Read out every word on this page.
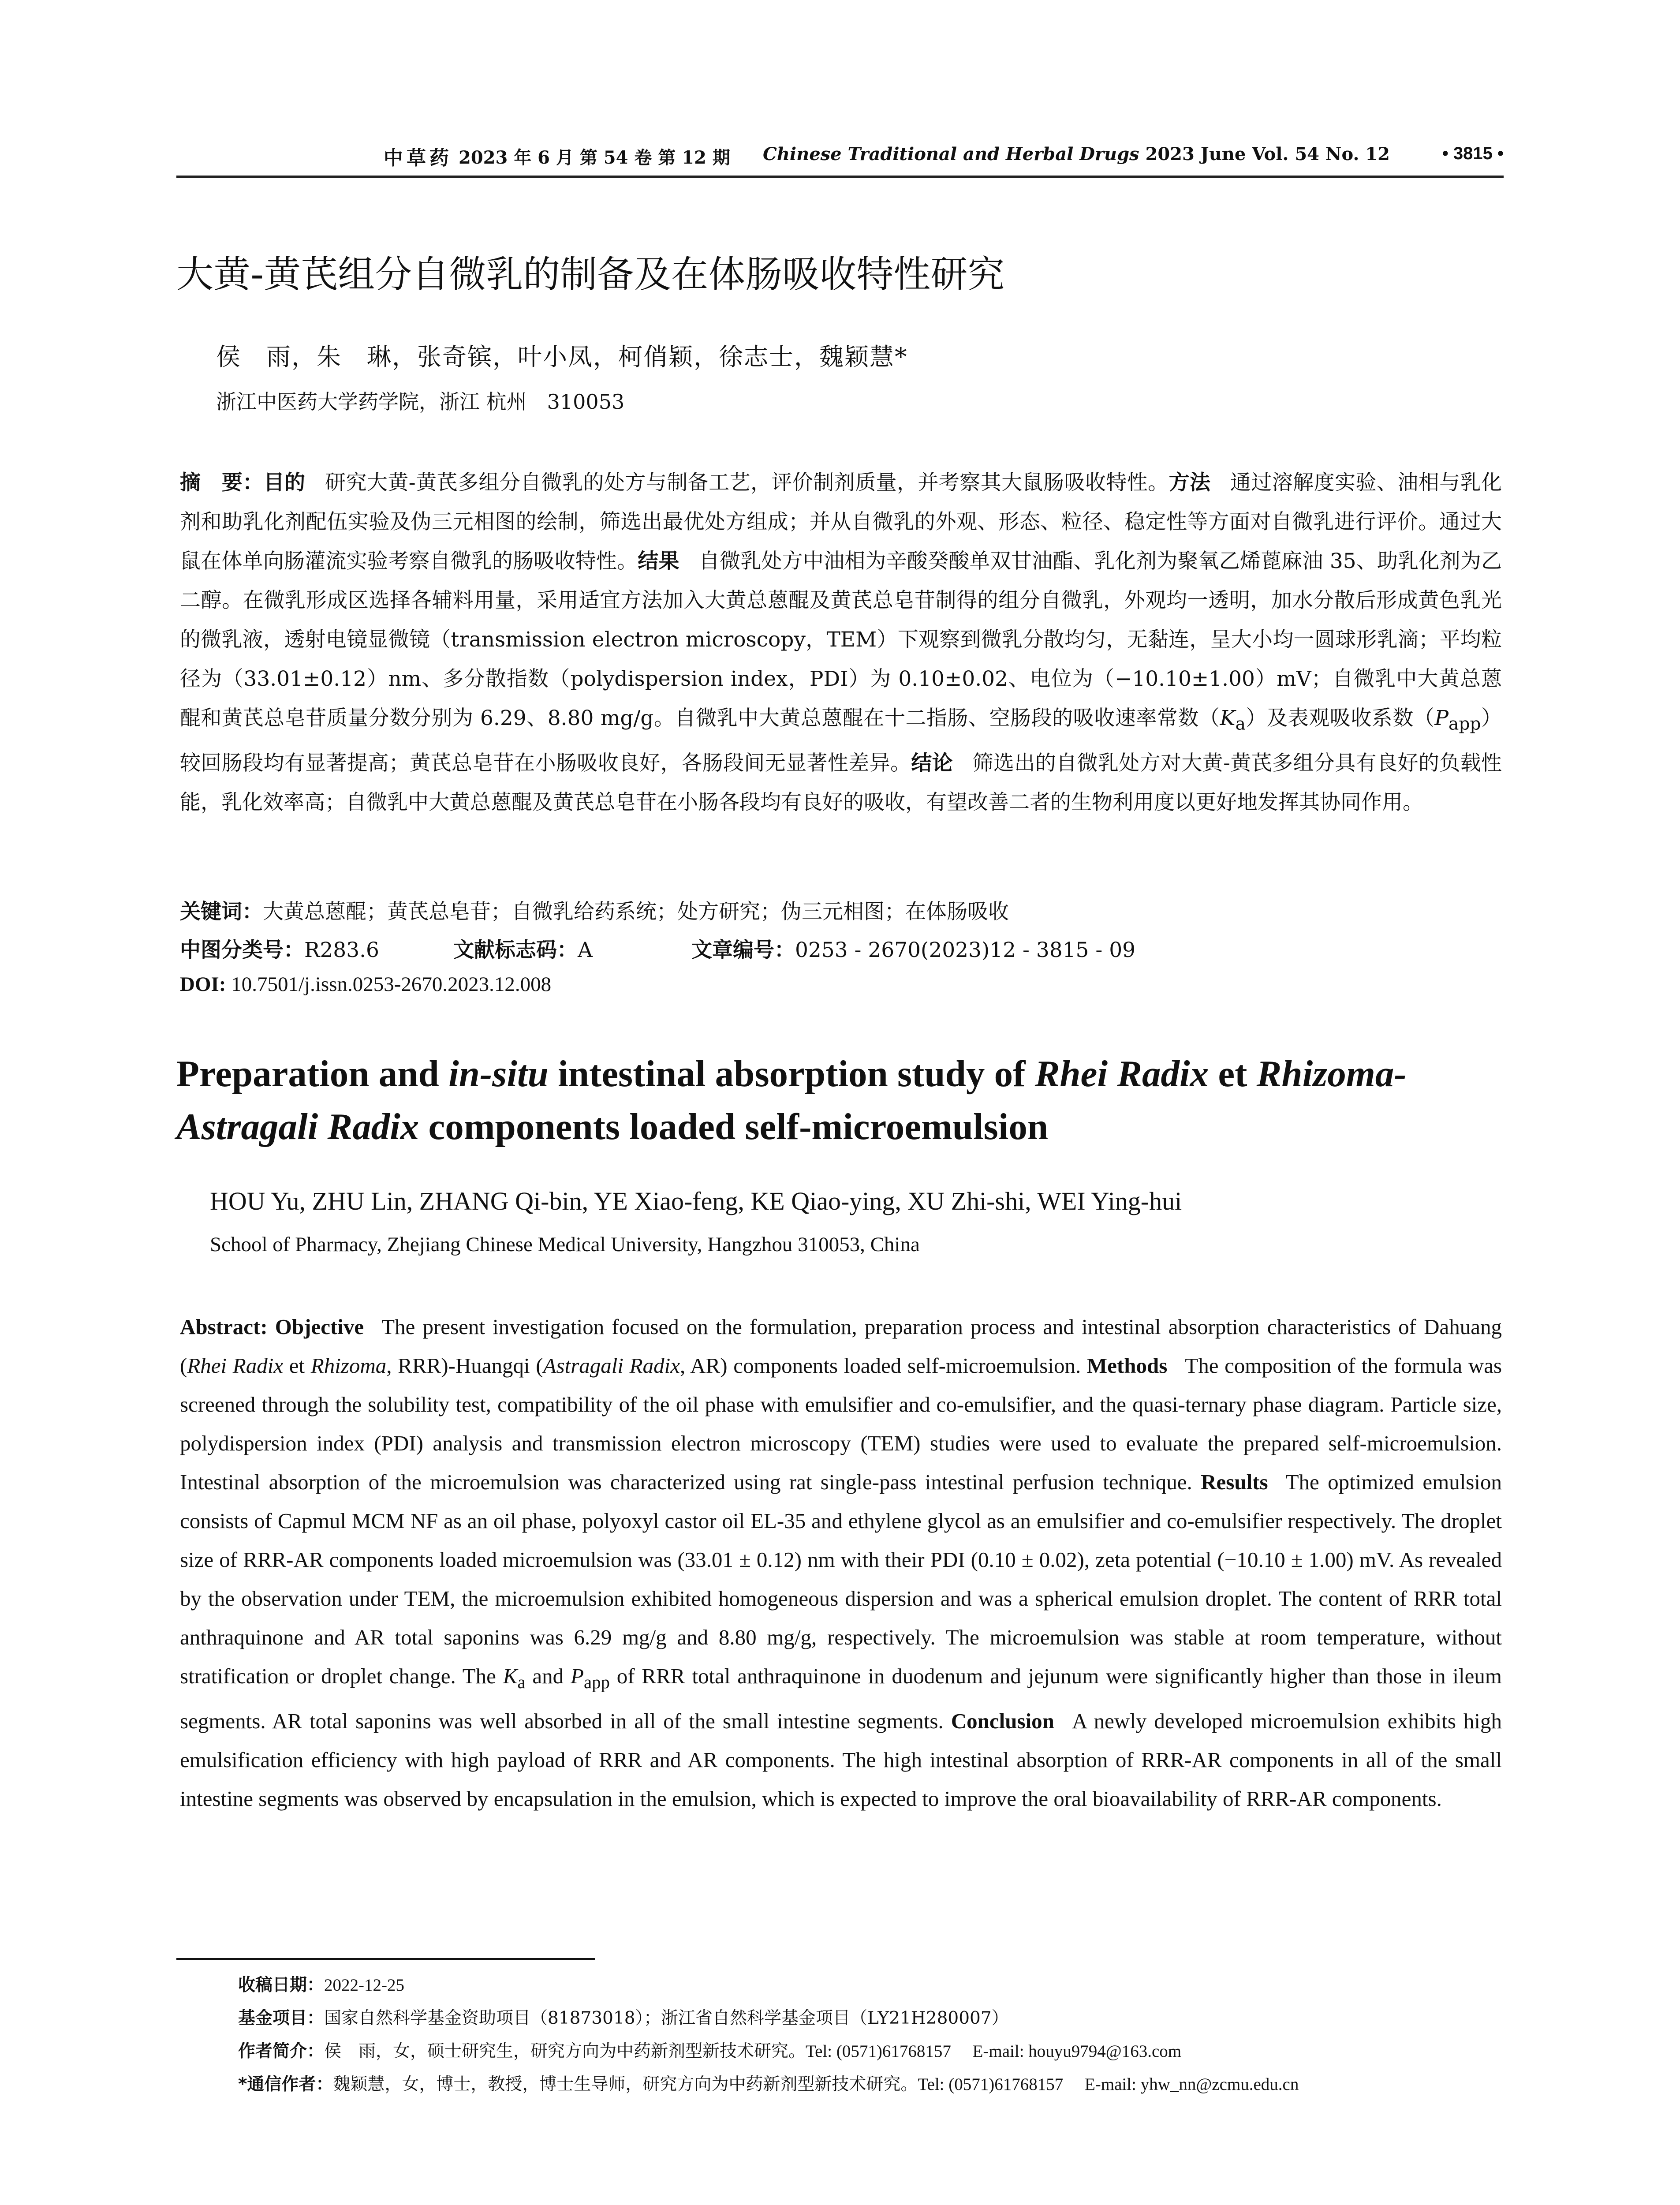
中草药 2023 年 6 月 第 54 卷 第 12 期 Chinese Traditional and Herbal Drugs 2023 June Vol. 54 No. 12	• 3815 •
大黄-黄芪组分自微乳的制备及在体肠吸收特性研究
侯　雨，朱　琳，张奇镔，叶小凤，柯俏颖，徐志士，魏颖慧*
浙江中医药大学药学院，浙江 杭州　310053
摘　要：目的 研究大黄-黄芪多组分自微乳的处方与制备工艺，评价制剂质量，并考察其大鼠肠吸收特性。方法 通过溶解度实验、油相与乳化剂和助乳化剂配伍实验及伪三元相图的绘制，筛选出最优处方组成；并从自微乳的外观、形态、粒径、稳定性等方面对自微乳进行评价。通过大鼠在体单向肠灌流实验考察自微乳的肠吸收特性。结果 自微乳处方中油相为辛酸癸酸单双甘油酯、乳化剂为聚氧乙烯蓖麻油 35、助乳化剂为乙二醇。在微乳形成区选择各辅料用量，采用适宜方法加入大黄总蒽醌及黄芪总皂苷制得的组分自微乳，外观均一透明，加水分散后形成黄色乳光的微乳液，透射电镜显微镜（transmission electron microscopy，TEM）下观察到微乳分散均匀，无黏连，呈大小均一圆球形乳滴；平均粒径为（33.01±0.12）nm、多分散指数（polydispersion index，PDI）为 0.10±0.02、电位为（−10.10±1.00）mV；自微乳中大黄总蒽醌和黄芪总皂苷质量分数分别为 6.29、8.80 mg/g。自微乳中大黄总蒽醌在十二指肠、空肠段的吸收速率常数$(K_a)$及表观吸收系数$(P_{app})$较回肠段均有显著提高；黄芪总皂苷在小肠吸收良好，各肠段间无显著性差异。结论 筛选出的自微乳处方对大黄-黄芪多组分具有良好的负载性能，乳化效率高；自微乳中大黄总蒽醌及黄芪总皂苷在小肠各段均有良好的吸收，有望改善二者的生物利用度以更好地发挥其协同作用。
关键词：大黄总蒽醌；黄芪总皂苷；自微乳给药系统；处方研究；伪三元相图；在体肠吸收
中图分类号：R283.6	文献标志码：A	文章编号：0253 - 2670(2023)12 - 3815 - 09
DOI: 10.7501/j.issn.0253-2670.2023.12.008
Preparation and in-situ intestinal absorption study of Rhei Radix et Rhizoma-
Astragali Radix components loaded self-microemulsion
HOU Yu, ZHU Lin, ZHANG Qi-bin, YE Xiao-feng, KE Qiao-ying, XU Zhi-shi, WEI Ying-hui
School of Pharmacy, Zhejiang Chinese Medical University, Hangzhou 310053, China
Abstract: Objective The present investigation focused on the formulation, preparation process and intestinal absorption characteristics of Dahuang (Rhei Radix et Rhizoma, RRR)-Huangqi (Astragali Radix, AR) components loaded self-microemulsion. Methods The composition of the formula was screened through the solubility test, compatibility of the oil phase with emulsifier and co-emulsifier, and the quasi-ternary phase diagram. Particle size, polydispersion index (PDI) analysis and transmission electron microscopy (TEM) studies were used to evaluate the prepared self-microemulsion. Intestinal absorption of the microemulsion was characterized using rat single-pass intestinal perfusion technique. Results The optimized emulsion consists of Capmul MCM NF as an oil phase, polyoxyl castor oil EL-35 and ethylene glycol as an emulsifier and co-emulsifier respectively. The droplet size of RRR-AR components loaded microemulsion was (33.01 ± 0.12) nm with their PDI (0.10 ± 0.02), zeta potential (−10.10 ± 1.00) mV. As revealed by the observation under TEM, the microemulsion exhibited homogeneous dispersion and was a spherical emulsion droplet. The content of RRR total anthraquinone and AR total saponins was 6.29 mg/g and 8.80 mg/g, respectively. The microemulsion was stable at room temperature, without stratification or droplet change. The $K_a$ and $P_{app}$ of RRR total anthraquinone in duodenum and jejunum were significantly higher than those in ileum segments. AR total saponins was well absorbed in all of the small intestine segments. Conclusion A newly developed microemulsion exhibits high emulsification efficiency with high payload of RRR and AR components. The high intestinal absorption of RRR-AR components in all of the small intestine segments was observed by encapsulation in the emulsion, which is expected to improve the oral bioavailability of RRR-AR components.
收稿日期：2022-12-25
基金项目：国家自然科学基金资助项目（81873018）；浙江省自然科学基金项目（LY21H280007）
作者简介：侯　雨，女，硕士研究生，研究方向为中药新剂型新技术研究。Tel: (0571)61768157　 E-mail: houyu9794@163.com
*通信作者：魏颖慧，女，博士，教授，博士生导师，研究方向为中药新剂型新技术研究。Tel: (0571)61768157　 E-mail: yhw_nn@zcmu.edu.cn
